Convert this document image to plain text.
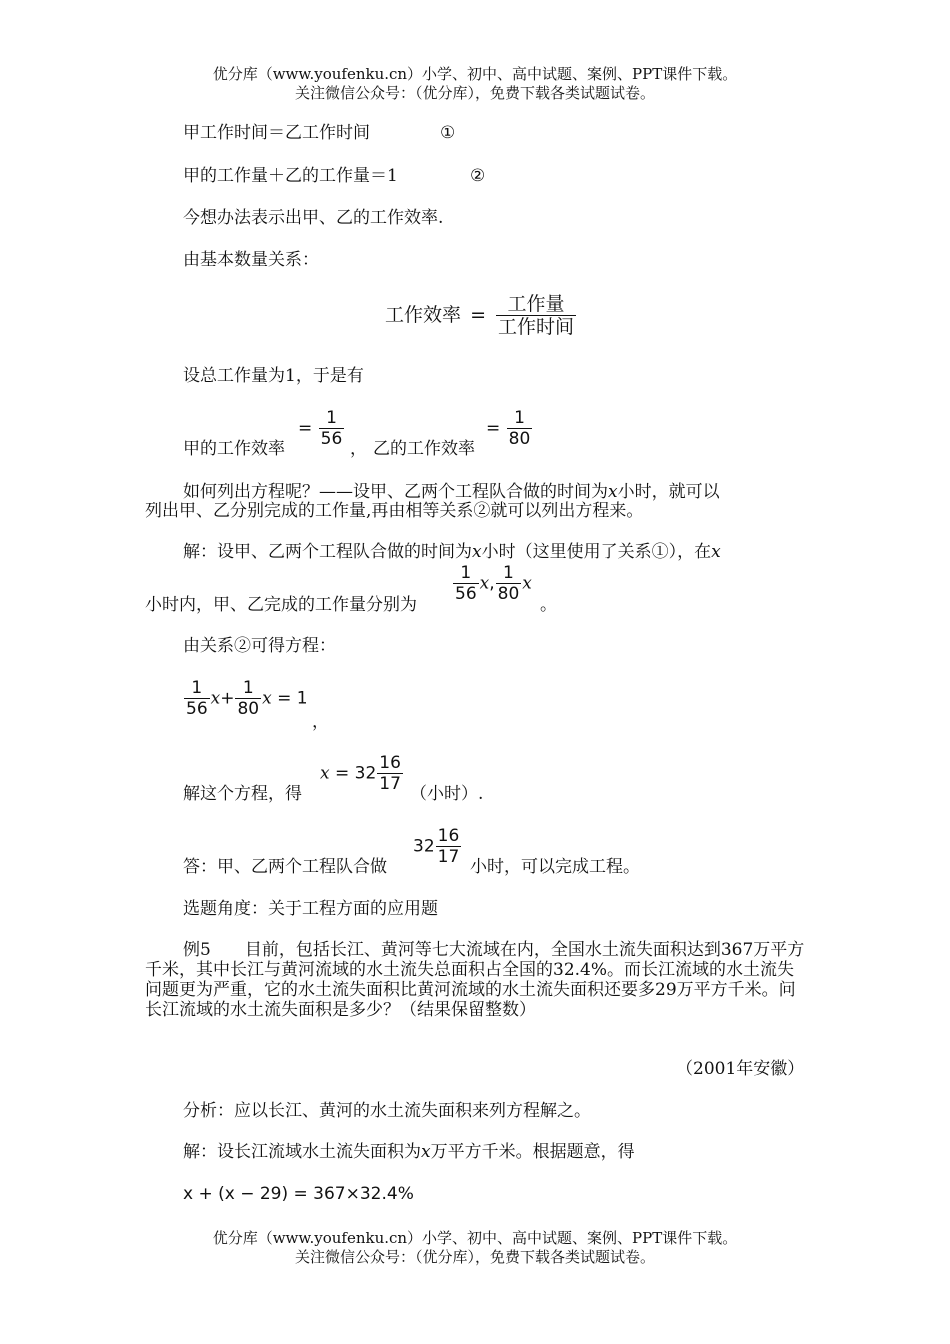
优分库（www.youfenku.cn）小学、初中、高中试题、案例、PPT课件下载。
关注微信公众号：（优分库），免费下载各类试题试卷。
甲工作时间＝乙工作时间	①
甲的工作量＋乙的工作量＝1	②
今想办法表示出甲、乙的工作效率.
由基本数量关系：
工作效率 = $\frac{\text{工作量}}{\text{工作时间}}$
设总工作量为1，于是有
甲的工作效率
= $\frac{1}{56}$ ， 乙的工作效率
= $\frac{1}{80}$
如何列出方程呢？——设甲、乙两个工程队合做的时间为x小时，就可以
列出甲、乙分别完成的工作量,再由相等关系②就可以列出方程来。
解：设甲、乙两个工程队合做的时间为x小时（这里使用了关系①），在x
小时内，甲、乙完成的工作量分别为
$\frac{1}{56} x$, $\frac{1}{80}$ x
。
由关系②可得方程：
$\frac{1}{56} x+ \frac{1}{80}$ x = 1
，
解这个方程，得
$x = 32 \frac{16}{17}$ （小时）.
答：甲、乙两个工程队合做
$32 \frac{16}{17}$ 小时，可以完成工程。
选题角度：关于工程方面的应用题
例5　　目前，包括长江、黄河等七大流域在内，全国水土流失面积达到367万平方千米，其中长江与黄河流域的水土流失总面积占全国的32.4%。而长江流域的水土流失问题更为严重，它的水土流失面积比黄河流域的水土流失面积还要多29万平方千米。问长江流域的水土流失面积是多少？（结果保留整数）
（2001年安徽）
分析：应以长江、黄河的水土流失面积来列方程解之。
解：设长江流域水土流失面积为x万平方千米。根据题意，得
x + (x − 29) = 367×32.4%
优分库（www.youfenku.cn）小学、初中、高中试题、案例、PPT课件下载。
关注微信公众号：（优分库），免费下载各类试题试卷。
